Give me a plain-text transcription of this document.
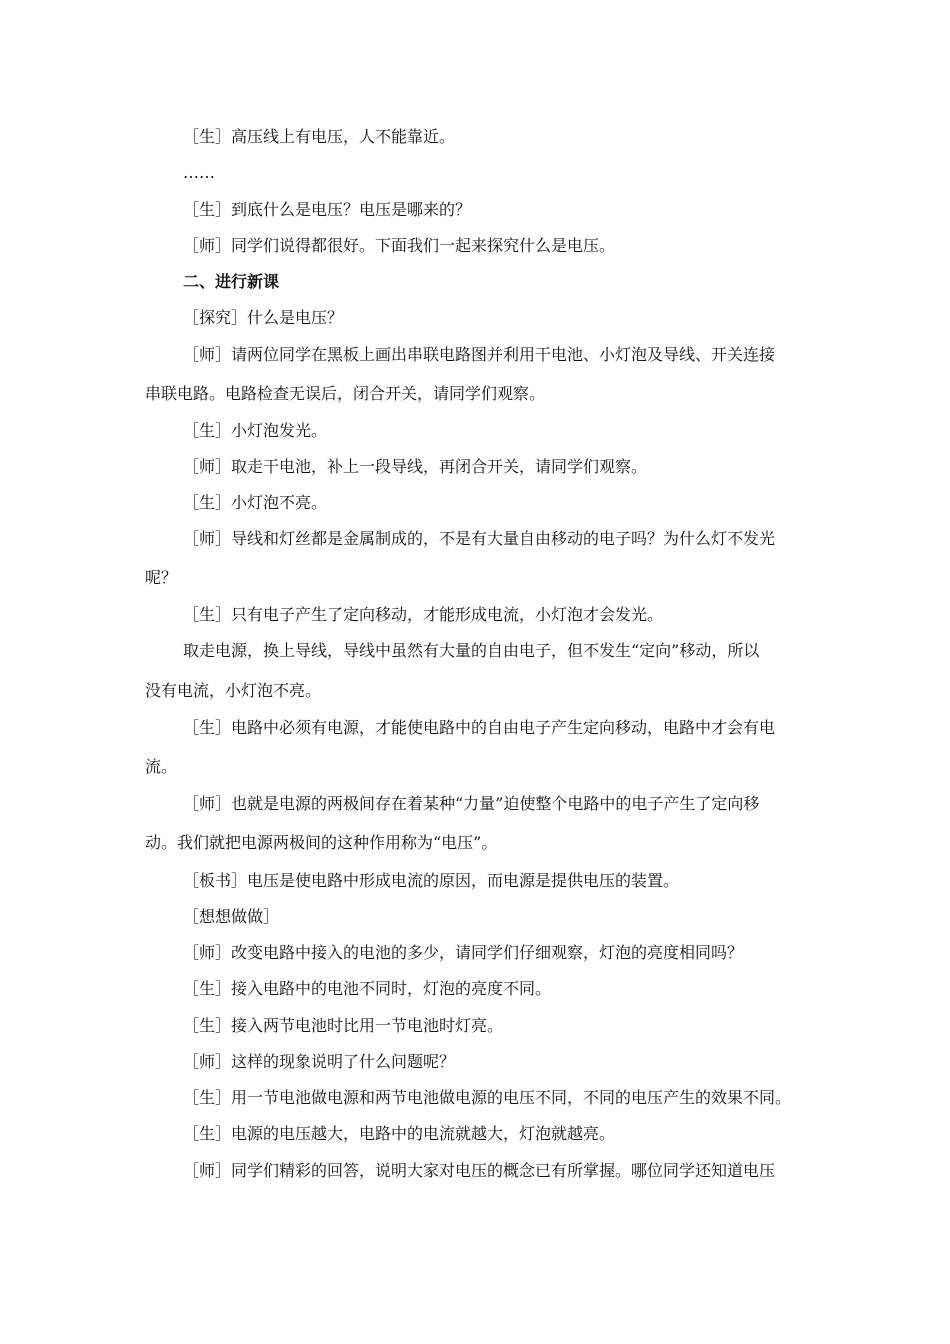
［生］高压线上有电压，人不能靠近。
……
［生］到底什么是电压？电压是哪来的？
［师］同学们说得都很好。下面我们一起来探究什么是电压。
二、进行新课
［探究］什么是电压？
［师］请两位同学在黑板上画出串联电路图并利用干电池、小灯泡及导线、开关连接
串联电路。电路检查无误后，闭合开关，请同学们观察。
［生］小灯泡发光。
［师］取走干电池，补上一段导线，再闭合开关，请同学们观察。
［生］小灯泡不亮。
［师］导线和灯丝都是金属制成的，不是有大量自由移动的电子吗？为什么灯不发光
呢？
［生］只有电子产生了定向移动，才能形成电流，小灯泡才会发光。
取走电源，换上导线，导线中虽然有大量的自由电子，但不发生“定向”移动，所以
没有电流，小灯泡不亮。
［生］电路中必须有电源，才能使电路中的自由电子产生定向移动，电路中才会有电
流。
［师］也就是电源的两极间存在着某种“力量”迫使整个电路中的电子产生了定向移
动。我们就把电源两极间的这种作用称为“电压”。
［板书］电压是使电路中形成电流的原因，而电源是提供电压的装置。
［想想做做］
［师］改变电路中接入的电池的多少，请同学们仔细观察，灯泡的亮度相同吗？
［生］接入电路中的电池不同时，灯泡的亮度不同。
［生］接入两节电池时比用一节电池时灯亮。
［师］这样的现象说明了什么问题呢？
［生］用一节电池做电源和两节电池做电源的电压不同，不同的电压产生的效果不同。
［生］电源的电压越大，电路中的电流就越大，灯泡就越亮。
［师］同学们精彩的回答，说明大家对电压的概念已有所掌握。哪位同学还知道电压
